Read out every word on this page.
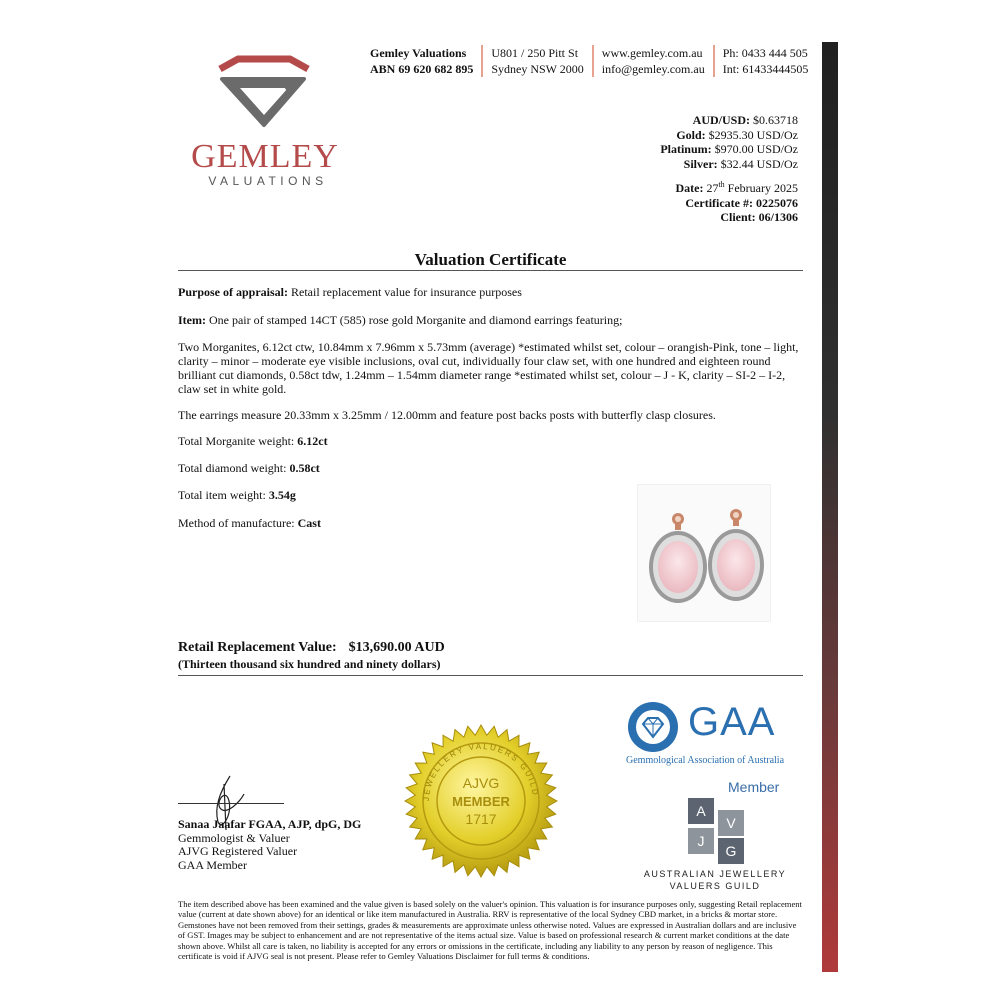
GEMLEY
VALUATIONS
Gemley Valuations
ABN 69 620 682 895
U801 / 250 Pitt St
Sydney NSW 2000
www.gemley.com.au
info@gemley.com.au
Ph: 0433 444 505
Int: 61433444505
AUD/USD: $0.63718
Gold: $2935.30 USD/Oz
Platinum: $970.00 USD/Oz
Silver: $32.44 USD/Oz
Date: 27th February 2025
Certificate #: 0225076
Client: 06/1306
Valuation Certificate
Purpose of appraisal: Retail replacement value for insurance purposes
Item: One pair of stamped 14CT (585) rose gold Morganite and diamond earrings featuring;
Two Morganites, 6.12ct ctw, 10.84mm x 7.96mm x 5.73mm (average) *estimated whilst set, colour – orangish-Pink, tone – light, clarity – minor – moderate eye visible inclusions, oval cut, individually four claw set, with one hundred and eighteen round brilliant cut diamonds, 0.58ct tdw, 1.24mm – 1.54mm diameter range *estimated whilst set, colour – J - K, clarity – SI-2 – I-2, claw set in white gold.
The earrings measure 20.33mm x 3.25mm / 12.00mm and feature post backs posts with butterfly clasp closures.
Total Morganite weight: 6.12ct
Total diamond weight: 0.58ct
Total item weight: 3.54g
Method of manufacture: Cast
Retail Replacement Value: $13,690.00 AUD
(Thirteen thousand six hundred and ninety dollars)
Sanaa Jaafar FGAA, AJP, dpG, DG
Gemmologist & Valuer
AJVG Registered Valuer
GAA Member
JEWELLERY VALUERS GUILD
AJVG
MEMBER
1717
GAA
Gemmological Association of Australia
Member
A
V
J
G
AUSTRALIAN JEWELLERY
VALUERS GUILD
The item described above has been examined and the value given is based solely on the valuer's opinion. This valuation is for insurance purposes only, suggesting Retail replacement value (current at date shown above) for an identical or like item manufactured in Australia. RRV is representative of the local Sydney CBD market, in a bricks & mortar store. Gemstones have not been removed from their settings, grades & measurements are approximate unless otherwise noted. Values are expressed in Australian dollars and are inclusive of GST. Images may be subject to enhancement and are not representative of the items actual size. Value is based on professional research & current market conditions at the date shown above. Whilst all care is taken, no liability is accepted for any errors or omissions in the certificate, including any liability to any person by reason of negligence. This certificate is void if AJVG seal is not present. Please refer to Gemley Valuations Disclaimer for full terms & conditions.
